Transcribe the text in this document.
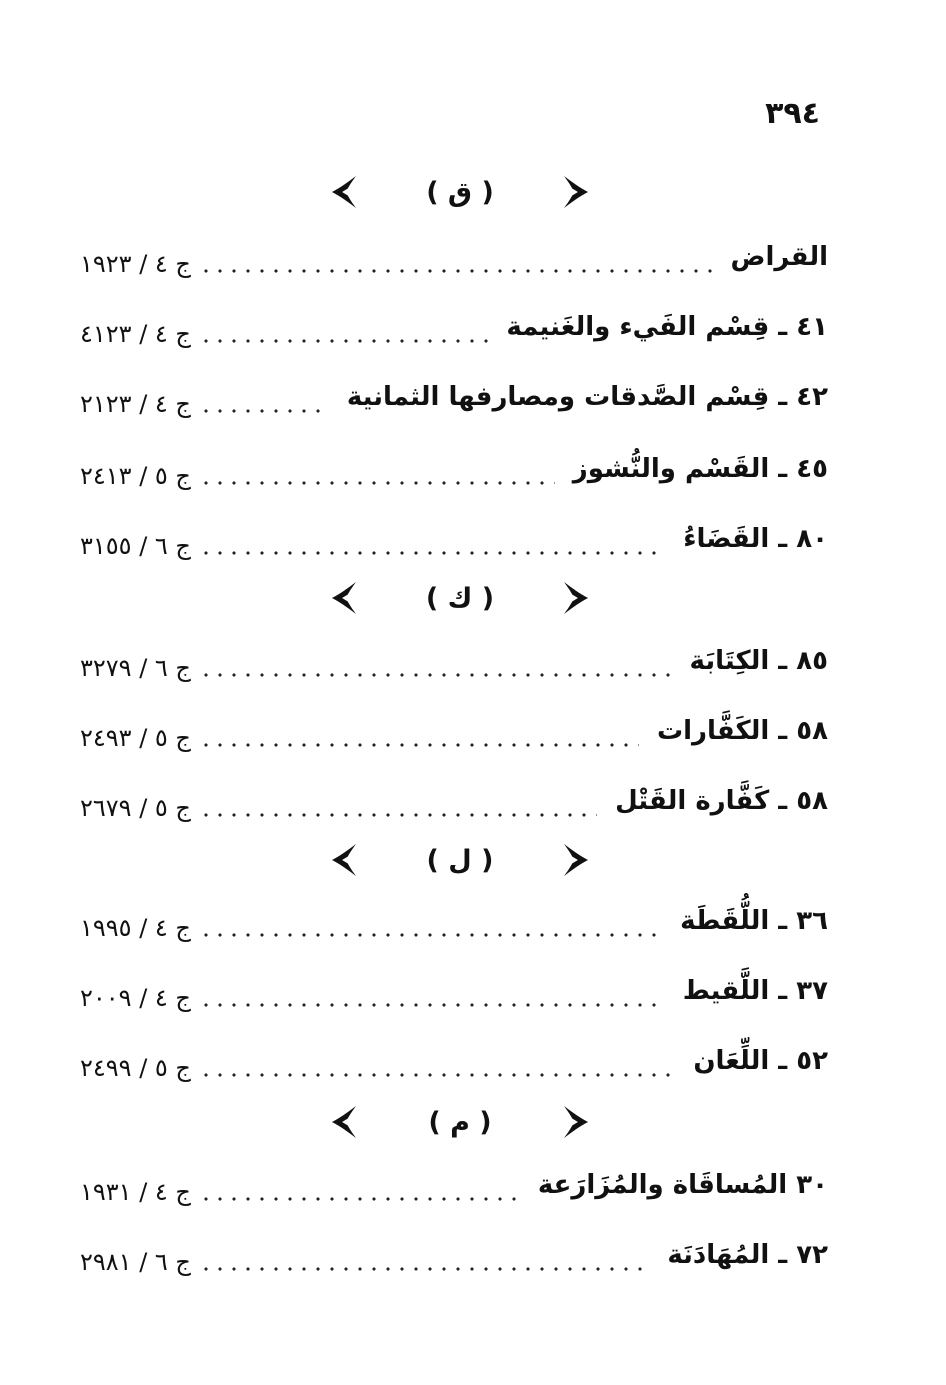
٣٩٤
( ق )
القراض
ج ٤ / ١٩٢٣
٤١ ـ قِسْم الفَيء والغَنيمة
ج ٤ / ٤١٢٣
٤٢ ـ قِسْم الصَّدقات ومصارفها الثمانية
ج ٤ / ٢١٢٣
٤٥ ـ القَسْم والنُّشوز
ج ٥ / ٢٤١٣
٨٠ ـ القَضَاءُ
ج ٦ / ٣١٥٥
( ك )
٨٥ ـ الكِتَابَة
ج ٦ / ٣٢٧٩
٥٨ ـ الكَفَّارات
ج ٥ / ٢٤٩٣
٥٨ ـ كَفَّارة القَتْل
ج ٥ / ٢٦٧٩
( ل )
٣٦ ـ اللُّقَطَة
ج ٤ / ١٩٩٥
٣٧ ـ اللَّقيط
ج ٤ / ٢٠٠٩
٥٢ ـ اللِّعَان
ج ٥ / ٢٤٩٩
( م )
٣٠ المُساقَاة والمُزَارَعة
ج ٤ / ١٩٣١
٧٢ ـ المُهَادَنَة
ج ٦ / ٢٩٨١
